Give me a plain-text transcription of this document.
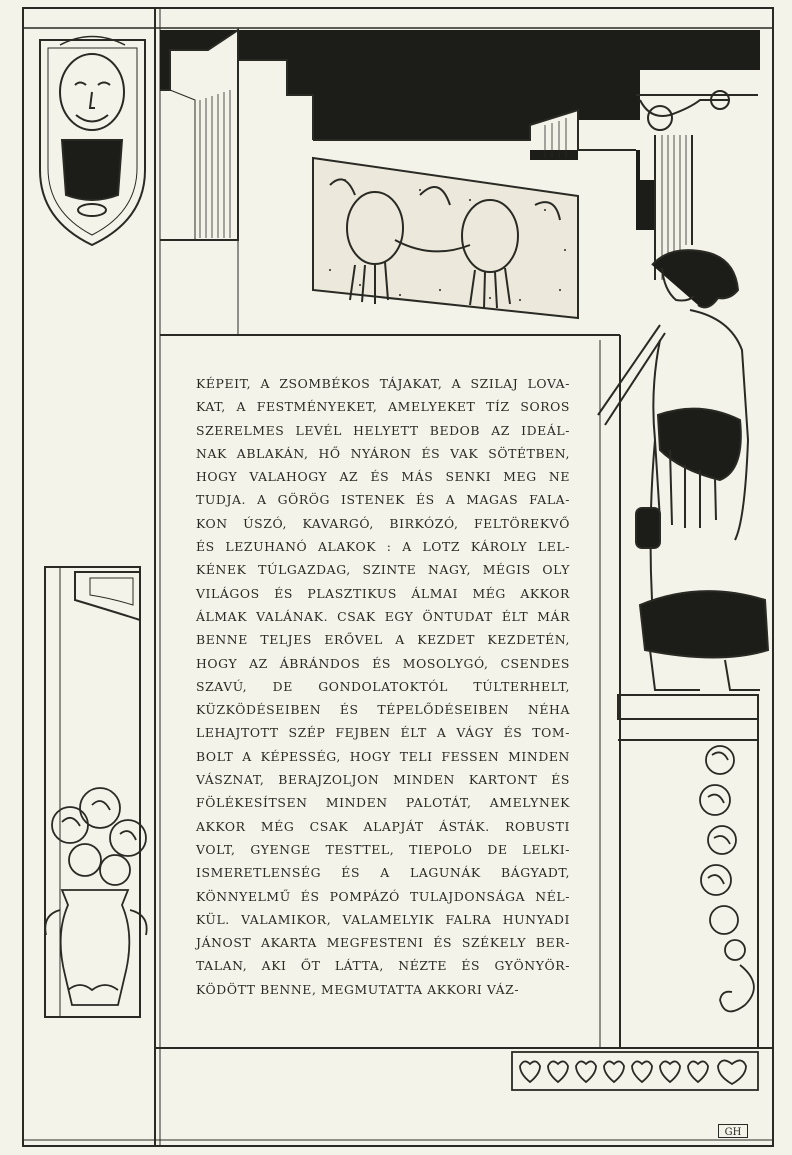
KÉPEIT, A ZSOMBÉKOS TÁJAKAT, A SZILAJ LOVA-
KAT, A FESTMÉNYEKET, AMELYEKET TÍZ SOROS
SZERELMES LEVÉL HELYETT BEDOB AZ IDEÁL-
NAK ABLAKÁN, HŐ NYÁRON ÉS VAK SÖTÉTBEN,
HOGY VALAHOGY AZ ÉS MÁS SENKI MEG NE
TUDJA. A GÖRÖG ISTENEK ÉS A MAGAS FALA-
KON ÚSZÓ, KAVARGÓ, BIRKÓZÓ, FELTÖREKVŐ
ÉS LEZUHANÓ ALAKOK : A LOTZ KÁROLY LEL-
KÉNEK TÚLGAZDAG, SZINTE NAGY, MÉGIS OLY
VILÁGOS ÉS PLASZTIKUS ÁLMAI MÉG AKKOR
ÁLMAK VALÁNAK. CSAK EGY ÖNTUDAT ÉLT MÁR
BENNE TELJES ERŐVEL A KEZDET KEZDETÉN,
HOGY AZ ÁBRÁNDOS ÉS MOSOLYGÓ, CSENDES
SZAVÚ, DE GONDOLATOKTÓL TÚLTERHELT,
KÜZKÖDÉSEIBEN ÉS TÉPELŐDÉSEIBEN NÉHA
LEHAJTOTT SZÉP FEJBEN ÉLT A VÁGY ÉS TOM-
BOLT A KÉPESSÉG, HOGY TELI FESSEN MINDEN
VÁSZNAT, BERAJZOLJON MINDEN KARTONT ÉS
FÖLÉKESÍTSEN MINDEN PALOTÁT, AMELYNEK
AKKOR MÉG CSAK ALAPJÁT ÁSTÁK. ROBUSTI
VOLT, GYENGE TESTTEL, TIEPOLO DE LELKI-
ISMERETLENSÉG ÉS A LAGUNÁK BÁGYADT,
KÖNNYELMŰ ÉS POMPÁZÓ TULAJDONSÁGA NÉL-
KÜL. VALAMIKOR, VALAMELYIK FALRA HUNYADI
JÁNOST AKARTA MEGFESTENI ÉS SZÉKELY BER-
TALAN, AKI ŐT LÁTTA, NÉZTE ÉS GYÖNYÖR-
KÖDÖTT BENNE, MEGMUTATTA AKKORI VÁZ-
GH
